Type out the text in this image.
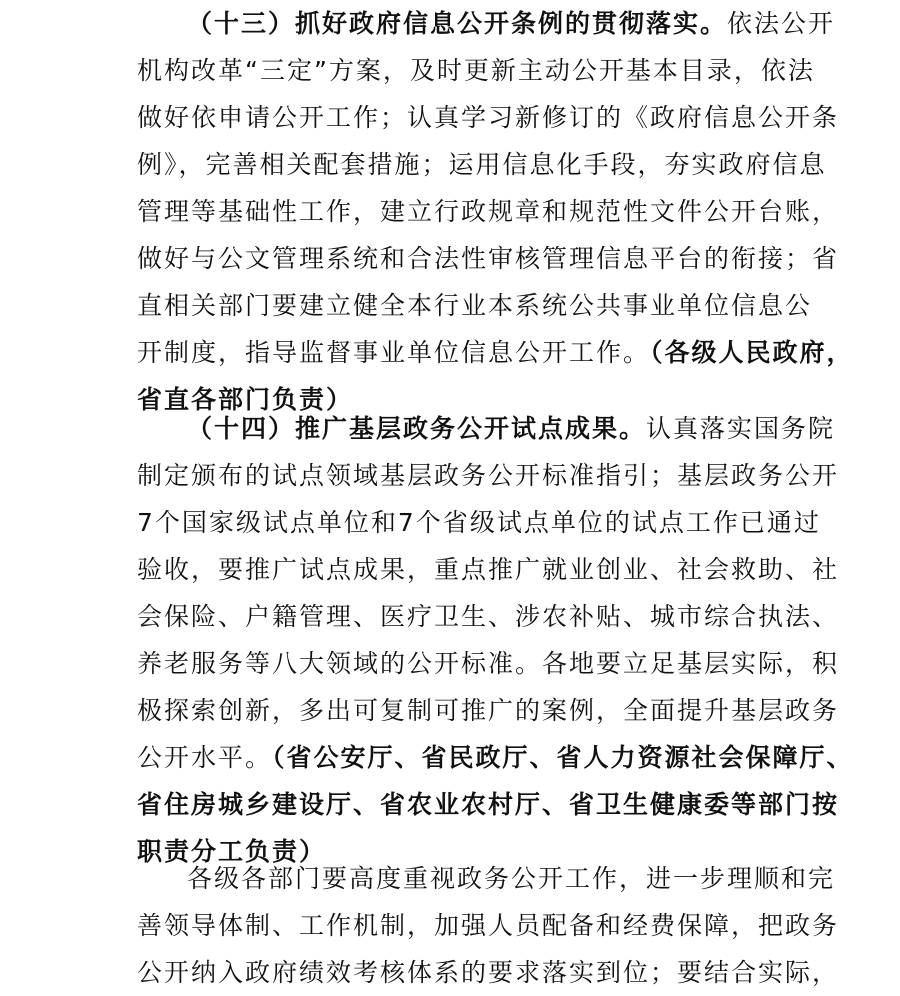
（十三）抓好政府信息公开条例的贯彻落实。依法公开
机构改革“三定”方案，及时更新主动公开基本目录，依法
做好依申请公开工作；认真学习新修订的《政府信息公开条
例》，完善相关配套措施；运用信息化手段，夯实政府信息
管理等基础性工作，建立行政规章和规范性文件公开台账，
做好与公文管理系统和合法性审核管理信息平台的衔接；省
直相关部门要建立健全本行业本系统公共事业单位信息公
开制度，指导监督事业单位信息公开工作。（各级人民政府，
省直各部门负责）
（十四）推广基层政务公开试点成果。认真落实国务院
制定颁布的试点领域基层政务公开标准指引；基层政务公开
7个国家级试点单位和7个省级试点单位的试点工作已通过
验收，要推广试点成果，重点推广就业创业、社会救助、社
会保险、户籍管理、医疗卫生、涉农补贴、城市综合执法、
养老服务等八大领域的公开标准。各地要立足基层实际，积
极探索创新，多出可复制可推广的案例，全面提升基层政务
公开水平。（省公安厅、省民政厅、省人力资源社会保障厅、
省住房城乡建设厅、省农业农村厅、省卫生健康委等部门按
职责分工负责）
各级各部门要高度重视政务公开工作，进一步理顺和完
善领导体制、工作机制，加强人员配备和经费保障，把政务
公开纳入政府绩效考核体系的要求落实到位；要结合实际，
